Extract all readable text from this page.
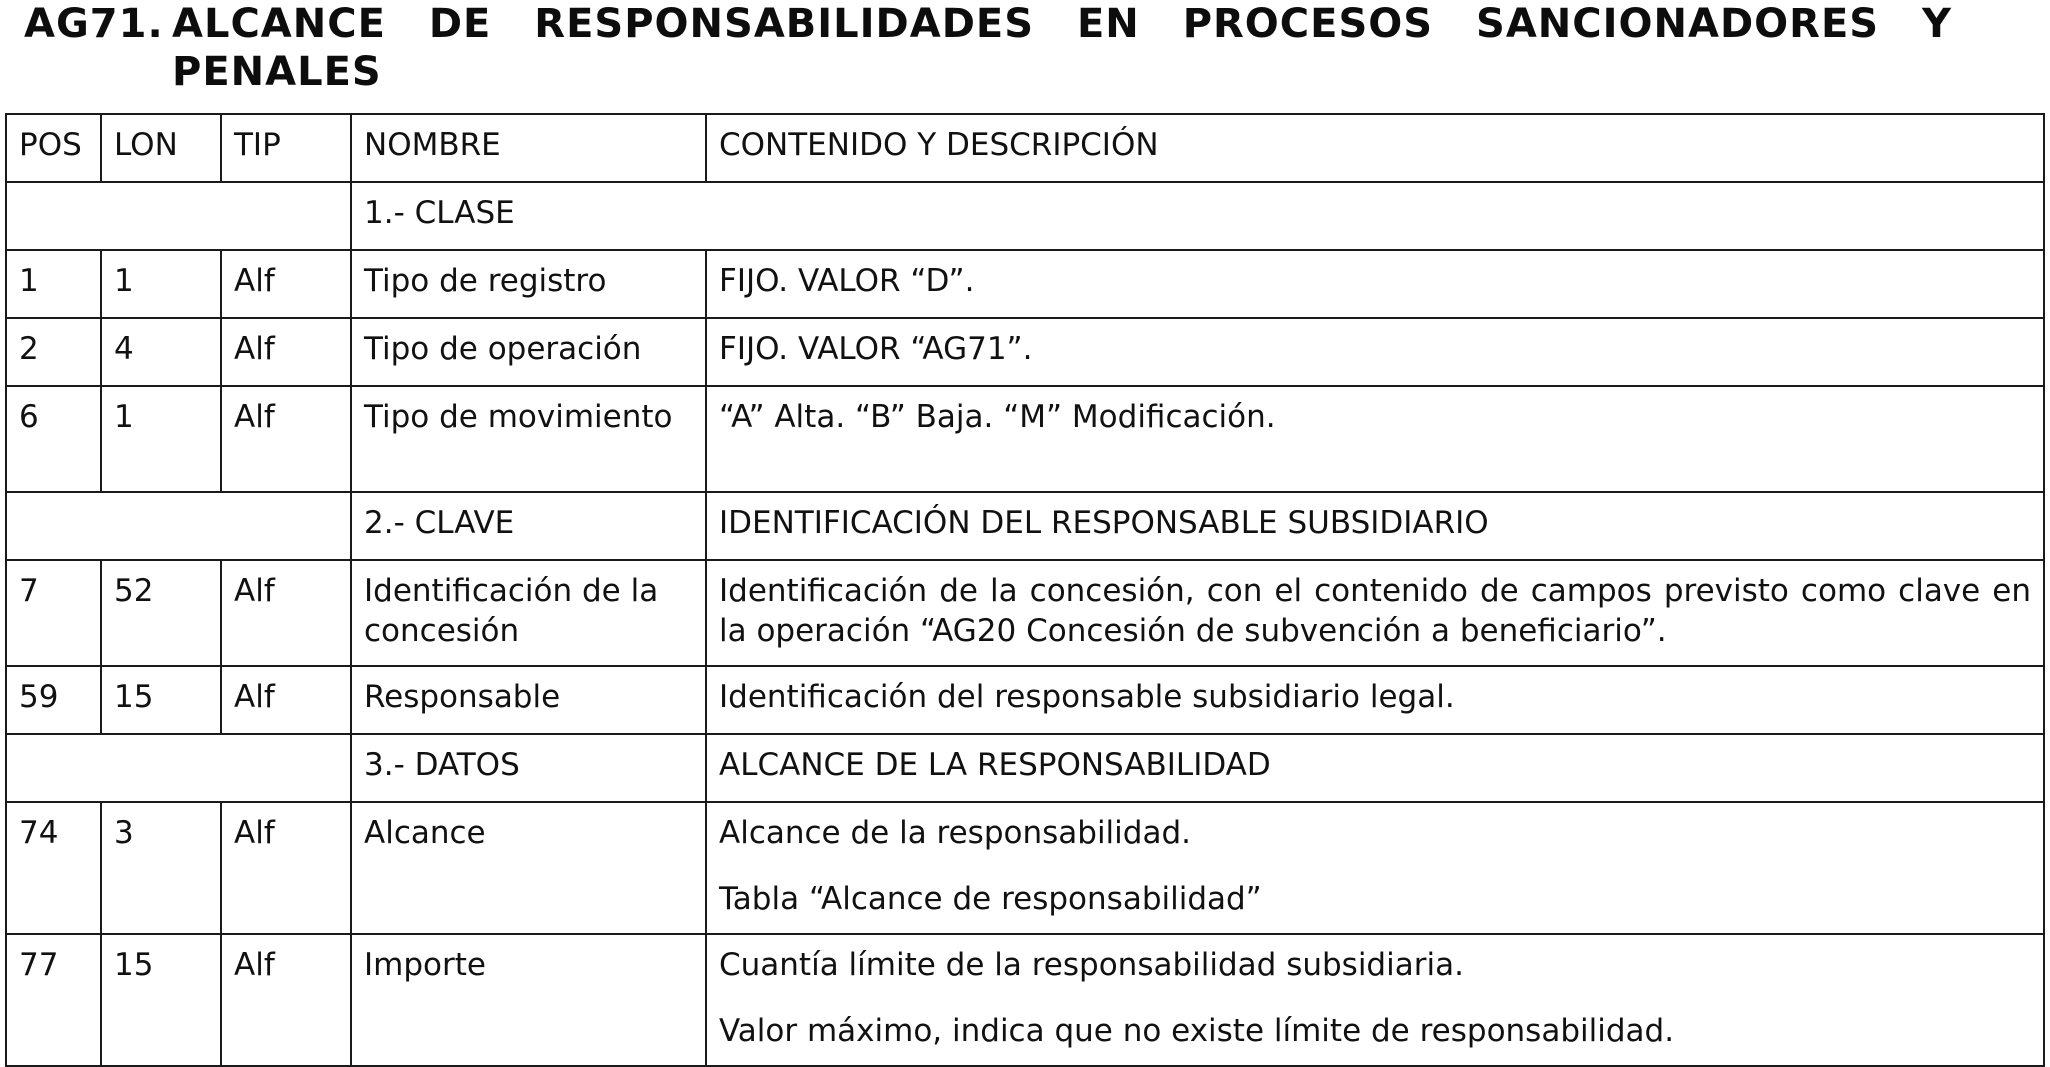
AG71. ALCANCE DE RESPONSABILIDADES EN PROCESOS SANCIONADORES Y
PENALES
POS	LON	TIP	NOMBRE	CONTENIDO Y DESCRIPCIÓN
			1.- CLASE	
1	1	Alf	Tipo de registro	FIJO. VALOR “D”.
2	4	Alf	Tipo de operación	FIJO. VALOR “AG71”.
6	1	Alf	Tipo de movimiento	“A” Alta. “B” Baja. “M” Modificación.
			2.- CLAVE	IDENTIFICACIÓN DEL RESPONSABLE SUBSIDIARIO
7	52	Alf	Identificación de la concesión	Identificación de la concesión, con el contenido de campos previsto como clave en la operación “AG20 Concesión de subvención a beneficiario”.
59	15	Alf	Responsable	Identificación del responsable subsidiario legal.
			3.- DATOS	ALCANCE DE LA RESPONSABILIDAD
74	3	Alf	Alcance	Alcance de la responsabilidad.
Tabla “Alcance de responsabilidad”

77	15	Alf	Importe	Cuantía límite de la responsabilidad subsidiaria.
Valor máximo, indica que no existe límite de responsabilidad.
